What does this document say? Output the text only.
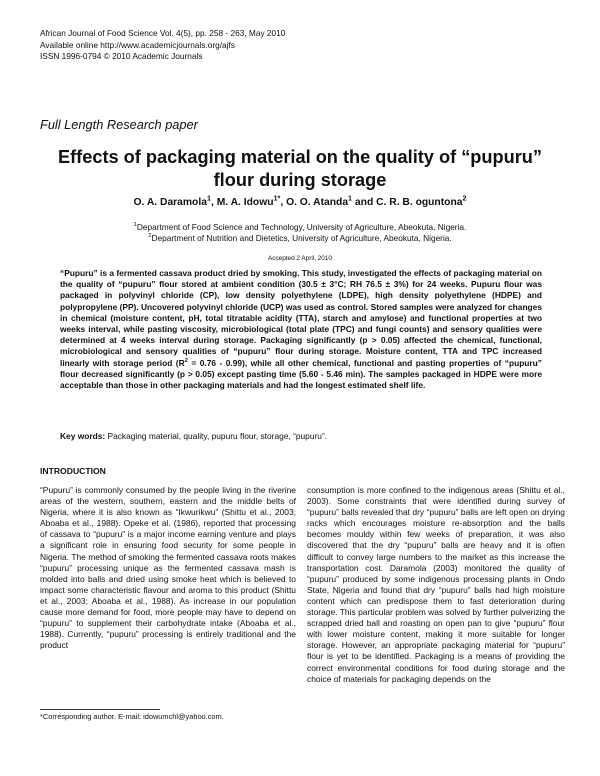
African Journal of Food Science Vol. 4(5), pp. 258 - 263, May 2010
Available online http://www.academicjournals.org/ajfs
ISSN 1996-0794 © 2010 Academic Journals
Full Length Research paper
Effects of packaging material on the quality of “pupuru”
flour during storage
O. A. Daramola$^1$, M. A. Idowu$^{1*}$, O. O. Atanda$^1$ and C. R. B. oguntona$^2$
$^1$Department of Food Science and Technology, University of Agriculture, Abeokuta, Nigeria.
$^2$Department of Nutrition and Dietetics, University of Agriculture, Abeokuta, Nigeria.
Accepted 2 April, 2010

“Pupuru” is a fermented cassava product dried by smoking. This study, investigated the effects of packaging material on the quality of “pupuru” flour stored at ambient condition (30.5 ± 3°C; RH 76.5 ± 3%) for 24 weeks. Pupuru flour was packaged in polyvinyl chloride (CP), low density polyethylene (LDPE), high density polyethylene (HDPE) and polypropylene (PP). Uncovered polyvinyl chloride (UCP) was used as control. Stored samples were analyzed for changes in chemical (moisture content, pH, total titratable acidity (TTA), starch and amylose) and functional properties at two weeks interval, while pasting viscosity, microbiological (total plate (TPC) and fungi counts) and sensory qualities were determined at 4 weeks interval during storage. Packaging significantly (p > 0.05) affected the chemical, functional, microbiological and sensory qualities of “pupuru” flour during storage. Moisture content, TTA and TPC increased linearly with storage period $(R^2 = 0.76 - 0.99)$, while all other chemical, functional and pasting properties of “pupuru” flour decreased significantly (p > 0.05) except pasting time (5.60 - 5.46 min). The samples packaged in HDPE were more acceptable than those in other packaging materials and had the longest estimated shelf life.

Key words: Packaging material, quality, pupuru flour, storage, “pupuru”.

INTRODUCTION

“Pupuru” is commonly consumed by the people living in the riverine areas of the western, southern, eastern and the middle belts of Nigeria, where it is also known as “Ikwurikwu” (Shittu et al., 2003; Aboaba et al., 1988). Opeke et al. (1986), reported that processing of cassava to “pupuru” is a major income earning venture and plays a significant role in ensuring food security for some people in Nigeria. The method of smoking the fermented cassava roots makes “pupuru” processing unique as the fermented cassava mash is molded into balls and dried using smoke heat which is believed to impact some characteristic flavour and aroma to this product (Shittu et al., 2003; Aboaba et al., 1988). As increase in our population cause more demand for food, more people may have to depend on “pupuru” to supplement their carbohydrate intake (Aboaba et al., 1988). Currently, “pupuru” processing is entirely traditional and the product

consumption is more confined to the indigenous areas (Shittu et al., 2003). Some constraints that were identified during survey of “pupuru” balls revealed that dry “pupuru” balls are left open on drying racks which encourages moisture re-absorption and the balls becomes mouldy within few weeks of preparation, it was also discovered that the dry “pupuru” balls are heavy and it is often difficult to convey large numbers to the market as this increase the transportation cost. Daramola (2003) monitored the quality of “pupuru” produced by some indigenous processing plants in Ondo State, Nigeria and found that dry “pupuru” balls had high moisture content which can predispose them to fast deterioration during storage. This particular problem was solved by further pulverizing the scrapped dried ball and roasting on open pan to give “pupuru” flour with lower moisture content, making it more suitable for longer storage. However, an appropriate packaging material for “pupuru” flour is yet to be identified. Packaging is a means of providing the correct environmental conditions for food during storage and the choice of materials for packaging depends on the

*Corresponding author. E-mail: idowumchl@yahoo.com.
